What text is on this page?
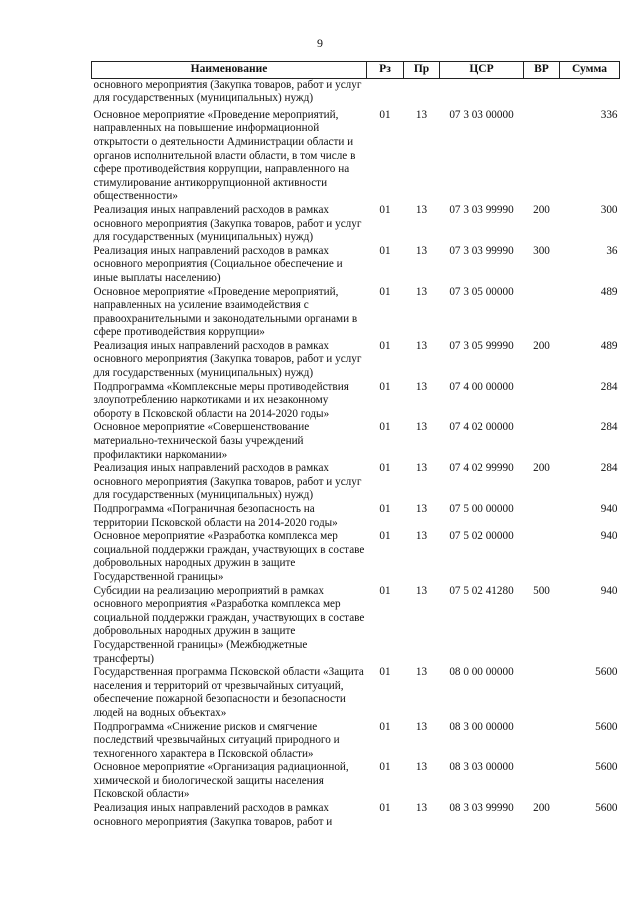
9
Наименование	Рз	Пр	ЦСР	ВР	Сумма
основного мероприятия (Закупка товаров, работ и услуг для государственных (муниципальных) нужд)					
Основное мероприятие «Проведение мероприятий, направленных на повышение информационной открытости о деятельности Администрации области и органов исполнительной власти области, в том числе в сфере противодействия коррупции, направленного на стимулирование антикоррупционной активности общественности»	01	13	07 3 03 00000		336
Реализация иных направлений расходов в рамках основного мероприятия (Закупка товаров, работ и услуг для государственных (муниципальных) нужд)	01	13	07 3 03 99990	200	300
Реализация иных направлений расходов в рамках основного мероприятия (Социальное обеспечение и иные выплаты населению)	01	13	07 3 03 99990	300	36
Основное мероприятие «Проведение мероприятий, направленных на усиление взаимодействия с правоохранительными и законодательными органами в сфере противодействия коррупции»	01	13	07 3 05 00000		489
Реализация иных направлений расходов в рамках основного мероприятия (Закупка товаров, работ и услуг для государственных (муниципальных) нужд)	01	13	07 3 05 99990	200	489
Подпрограмма «Комплексные меры противодействия злоупотреблению наркотиками и их незаконному обороту в Псковской области на 2014-2020 годы»	01	13	07 4 00 00000		284
Основное мероприятие «Совершенствование материально-технической базы учреждений профилактики наркомании»	01	13	07 4 02 00000		284
Реализация иных направлений расходов в рамках основного мероприятия (Закупка товаров, работ и услуг для государственных (муниципальных) нужд)	01	13	07 4 02 99990	200	284
Подпрограмма «Пограничная безопасность на территории Псковской области на 2014-2020 годы»	01	13	07 5 00 00000		940
Основное мероприятие «Разработка комплекса мер социальной поддержки граждан, участвующих в составе добровольных народных дружин в защите Государственной границы»	01	13	07 5 02 00000		940
Субсидии на реализацию мероприятий в рамках основного мероприятия «Разработка комплекса мер социальной поддержки граждан, участвующих в составе добровольных народных дружин в защите Государственной границы» (Межбюджетные трансферты)	01	13	07 5 02 41280	500	940
Государственная программа Псковской области «Защита населения и территорий от чрезвычайных ситуаций, обеспечение пожарной безопасности и безопасности людей на водных объектах»	01	13	08 0 00 00000		5600
Подпрограмма «Снижение рисков и смягчение последствий чрезвычайных ситуаций природного и техногенного характера в Псковской области»	01	13	08 3 00 00000		5600
Основное мероприятие «Организация радиационной, химической и биологической защиты населения Псковской области»	01	13	08 3 03 00000		5600
Реализация иных направлений расходов в рамках основного мероприятия (Закупка товаров, работ и	01	13	08 3 03 99990	200	5600
